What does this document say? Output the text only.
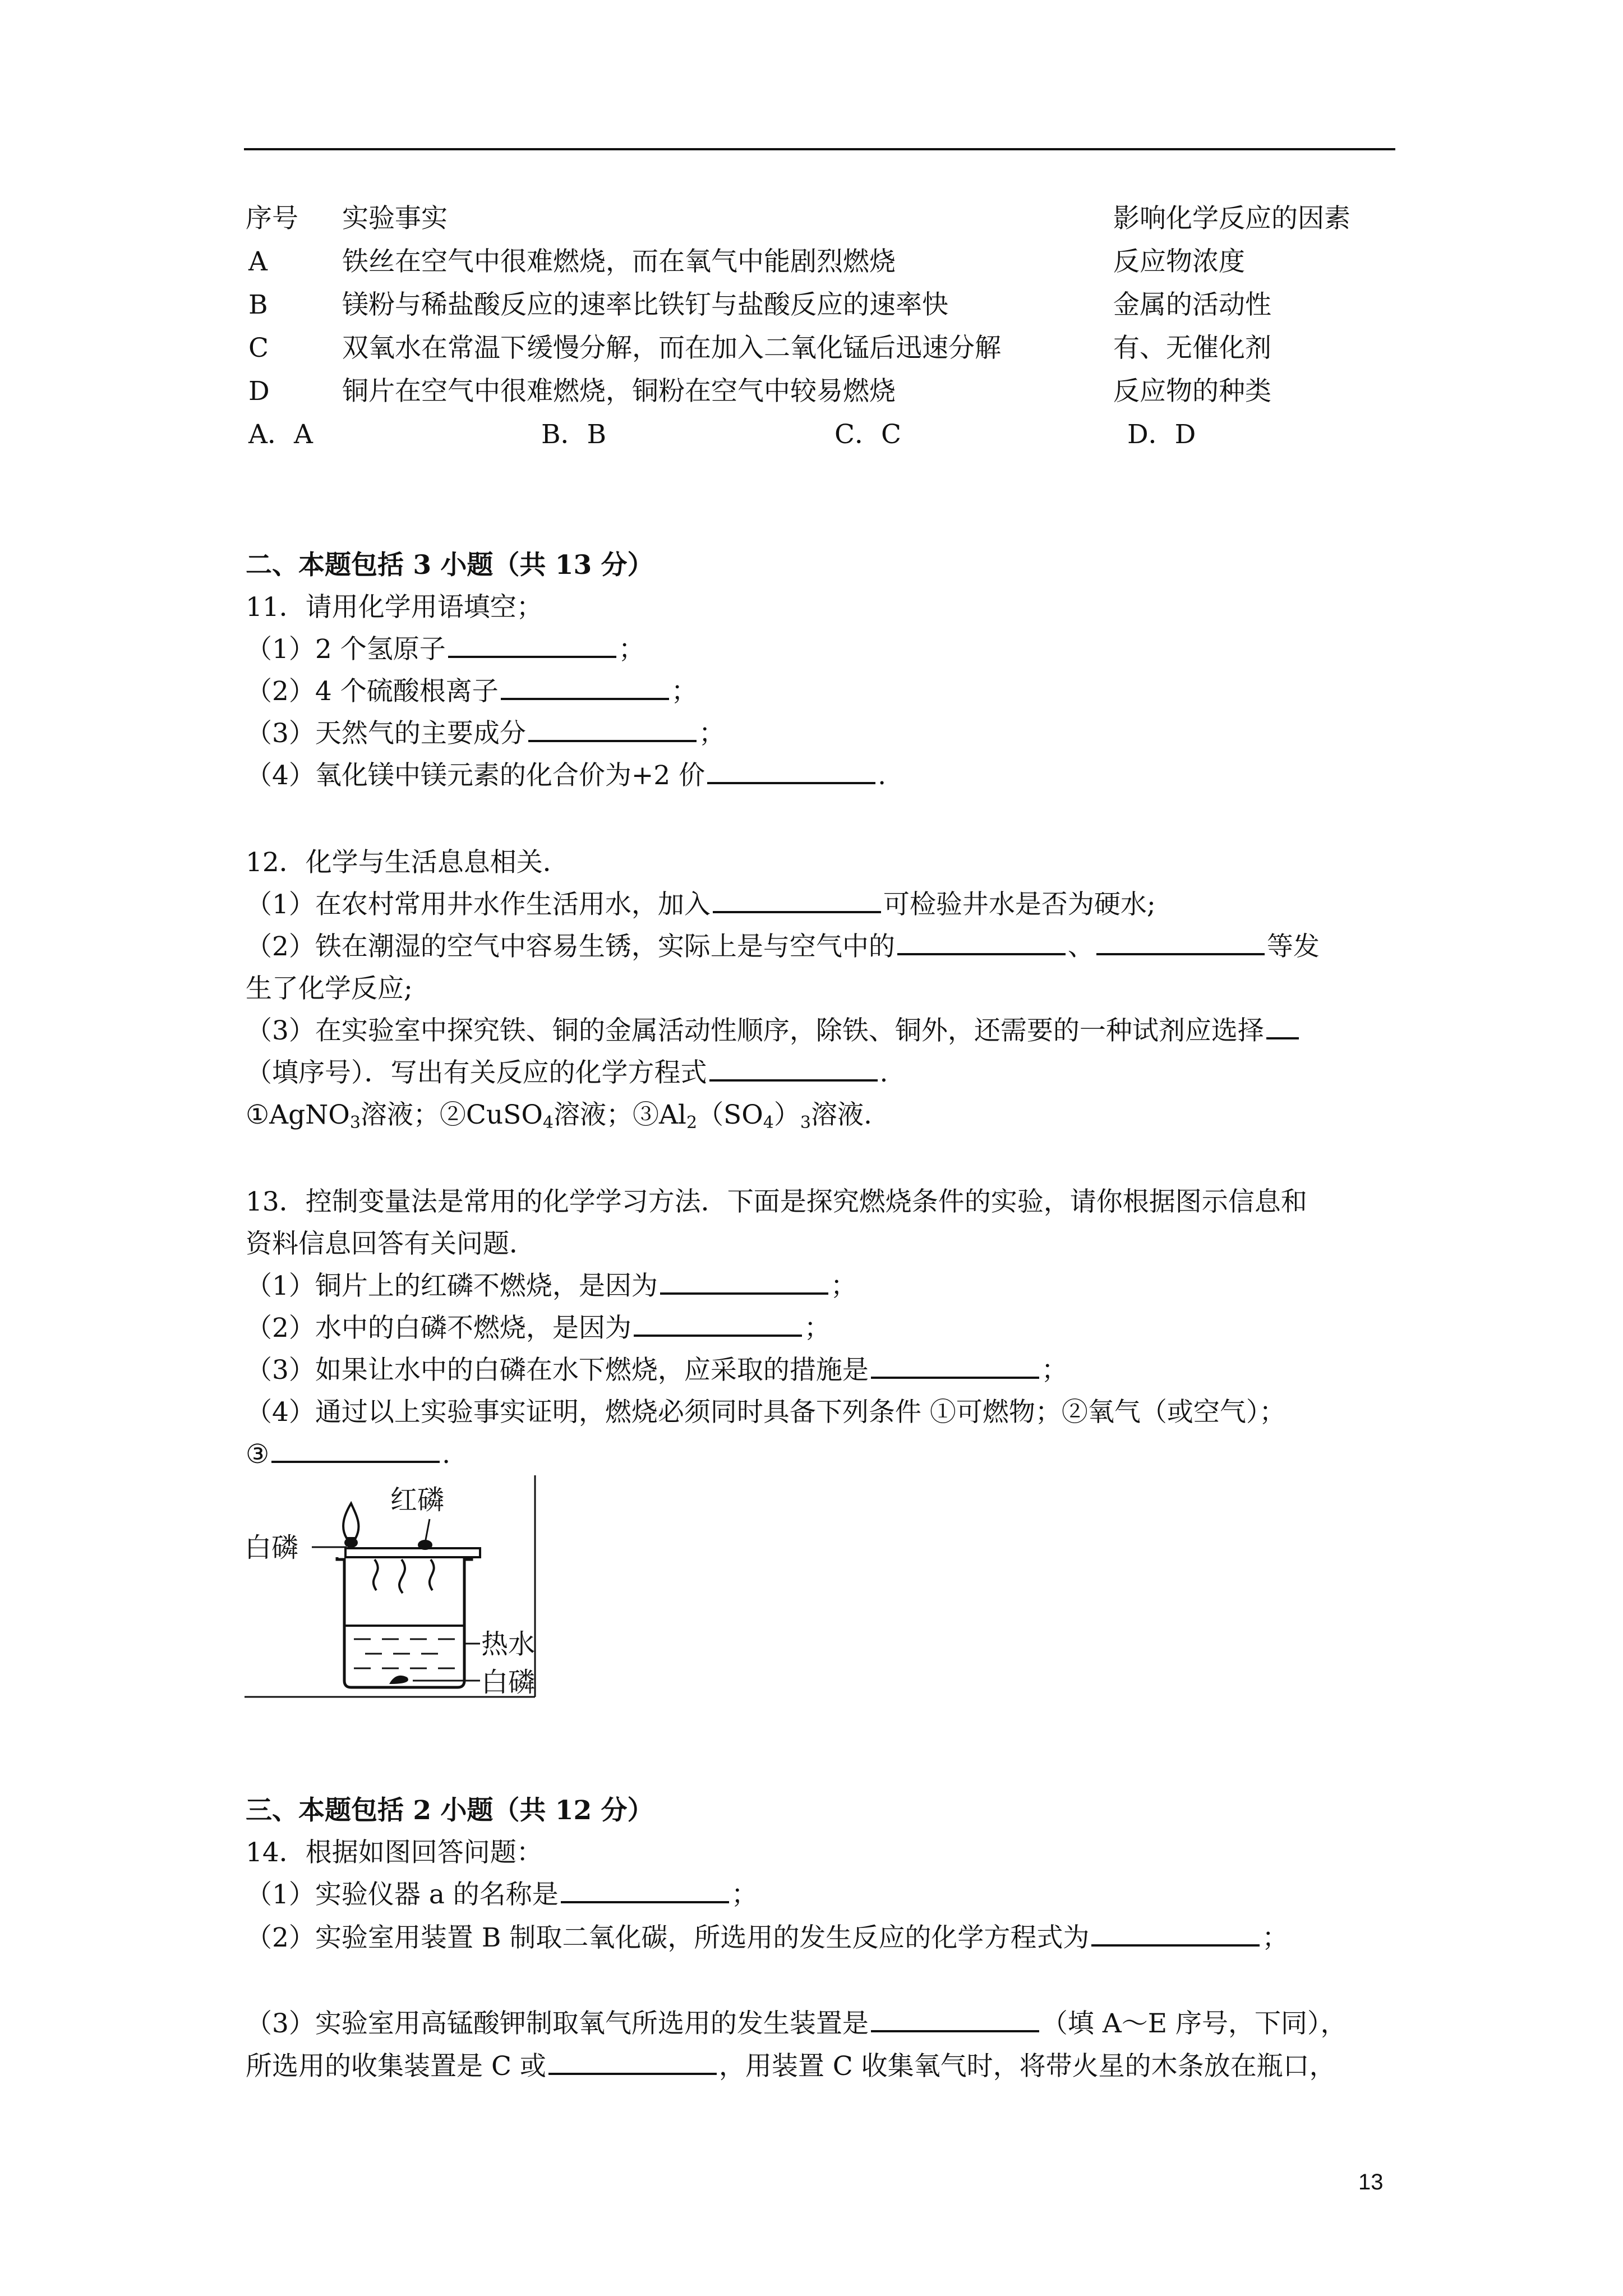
序号 实验事实	影响化学反应的因素
A	铁丝在空气中很难燃烧，而在氧气中能剧烈燃烧	反应物浓度
B	镁粉与稀盐酸反应的速率比铁钉与盐酸反应的速率快	金属的活动性
C	双氧水在常温下缓慢分解，而在加入二氧化锰后迅速分解	有、无催化剂
D	铜片在空气中很难燃烧，铜粉在空气中较易燃烧	反应物的种类
A．A	B．B	C．C	D．D
二、本题包括 3 小题（共 13 分）
11．请用化学用语填空；
（1）2 个氢原子	；
（2）4 个硫酸根离子	；
（3）天然气的主要成分	；
（4）氧化镁中镁元素的化合价为+2 价	.
12．化学与生活息息相关．
（1）在农村常用井水作生活用水，加入	可检验井水是否为硬水;
（2）铁在潮湿的空气中容易生锈，实际上是与空气中的	、	等发
生了化学反应;
（3）在实验室中探究铁、铜的金属活动性顺序，除铁、铜外，还需要的一种试剂应选择
（填序号）．写出有关反应的化学方程式	.
①AgNO$_3$溶液；②CuSO$_4$溶液；$③Al_2(SO_4)_3$溶液.
13．控制变量法是常用的化学学习方法．下面是探究燃烧条件的实验，请你根据图示信息和
资料信息回答有关问题．
（1）铜片上的红磷不燃烧，是因为	；
（2）水中的白磷不燃烧，是因为	；
（3）如果让水中的白磷在水下燃烧，应采取的措施是	；
（4）通过以上实验事实证明，燃烧必须同时具备下列条件 ①可燃物；②氧气（或空气）；
③	.
红磷
白磷
热水
白磷
三、本题包括 2 小题（共 12 分）
14．根据如图回答问题：
（1）实验仪器 a 的名称是	；
（2）实验室用装置 B 制取二氧化碳，所选用的发生反应的化学方程式为	；
（3）实验室用高锰酸钾制取氧气所选用的发生装置是	（填 A～E 序号，下同），
所选用的收集装置是 C 或	，用装置 C 收集氧气时，将带火星的木条放在瓶口，
13
